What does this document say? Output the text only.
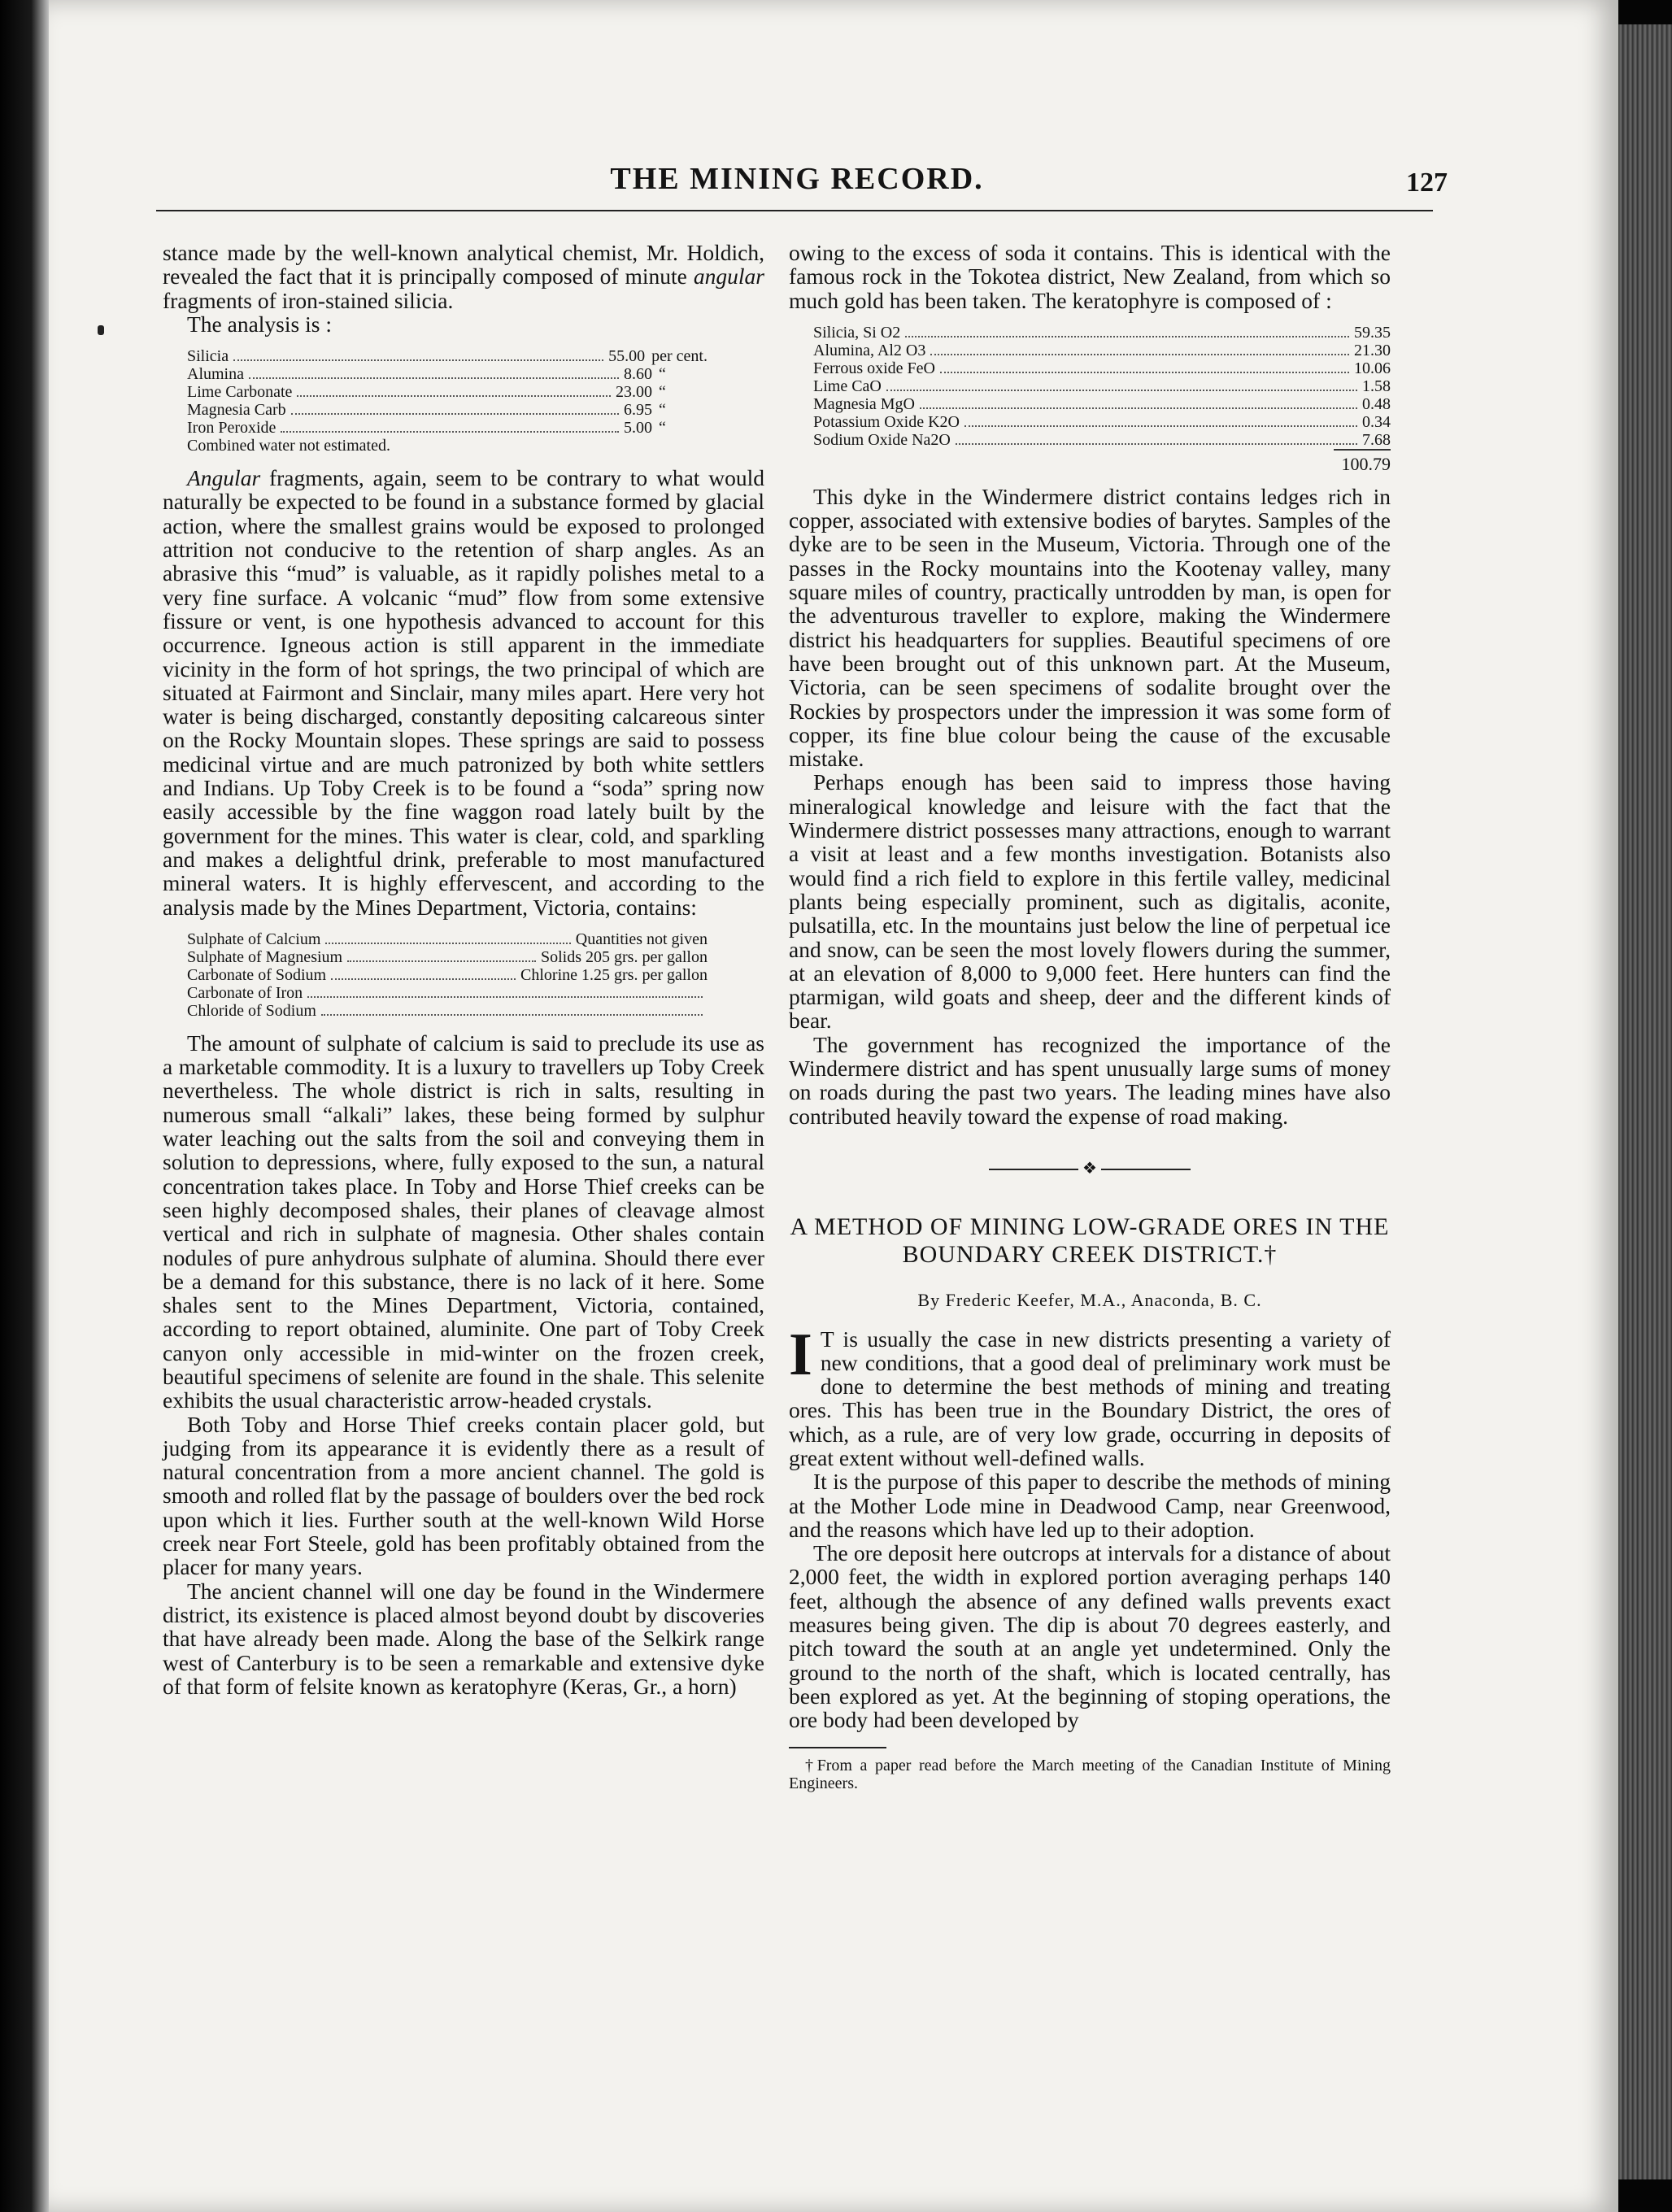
THE MINING RECORD.	127

stance made by the well-known analytical chemist, Mr. Holdich, revealed the fact that it is principally composed of minute angular fragments of iron-stained silicia.

The analysis is :

Silicia	55.00 per cent.
Alumina	8.60 “
Lime Carbonate	23.00 “
Magnesia Carb	6.95 “
Iron Peroxide	5.00 “
Combined water not estimated.

Angular fragments, again, seem to be contrary to what would naturally be expected to be found in a substance formed by glacial action, where the smallest grains would be exposed to prolonged attrition not conducive to the retention of sharp angles. As an abrasive this “mud” is valuable, as it rapidly polishes metal to a very fine surface. A volcanic “mud” flow from some extensive fissure or vent, is one hypothesis advanced to account for this occurrence. Igneous action is still apparent in the immediate vicinity in the form of hot springs, the two principal of which are situated at Fairmont and Sinclair, many miles apart. Here very hot water is being discharged, constantly depositing calcareous sinter on the Rocky Mountain slopes. These springs are said to possess medicinal virtue and are much patronized by both white settlers and Indians. Up Toby Creek is to be found a “soda” spring now easily accessible by the fine waggon road lately built by the government for the mines. This water is clear, cold, and sparkling and makes a delightful drink, preferable to most manufactured mineral waters. It is highly effervescent, and according to the analysis made by the Mines Department, Victoria, contains:

Sulphate of Calcium	Quantities not given
Sulphate of Magnesium	Solids 205 grs. per gallon
Carbonate of Sodium	Chlorine 1.25 grs. per gallon
Carbonate of Iron
Chloride of Sodium

The amount of sulphate of calcium is said to preclude its use as a marketable commodity. It is a luxury to travellers up Toby Creek nevertheless. The whole district is rich in salts, resulting in numerous small “alkali” lakes, these being formed by sulphur water leaching out the salts from the soil and conveying them in solution to depressions, where, fully exposed to the sun, a natural concentration takes place. In Toby and Horse Thief creeks can be seen highly decomposed shales, their planes of cleavage almost vertical and rich in sulphate of magnesia. Other shales contain nodules of pure anhydrous sulphate of alumina. Should there ever be a demand for this substance, there is no lack of it here. Some shales sent to the Mines Department, Victoria, contained, according to report obtained, aluminite. One part of Toby Creek canyon only accessible in mid-winter on the frozen creek, beautiful specimens of selenite are found in the shale. This selenite exhibits the usual characteristic arrow-headed crystals.

Both Toby and Horse Thief creeks contain placer gold, but judging from its appearance it is evidently there as a result of natural concentration from a more ancient channel. The gold is smooth and rolled flat by the passage of boulders over the bed rock upon which it lies. Further south at the well-known Wild Horse creek near Fort Steele, gold has been profitably obtained from the placer for many years.

The ancient channel will one day be found in the Windermere district, its existence is placed almost beyond doubt by discoveries that have already been made. Along the base of the Selkirk range west of Canterbury is to be seen a remarkable and extensive dyke of that form of felsite known as keratophyre (Keras, Gr., a horn)

owing to the excess of soda it contains. This is identical with the famous rock in the Tokotea district, New Zealand, from which so much gold has been taken. The keratophyre is composed of :

Silicia, Si O2	59.35
Alumina, Al2 O3	21.30
Ferrous oxide FeO	10.06
Lime CaO	1.58
Magnesia MgO	0.48
Potassium Oxide K2O	0.34
Sodium Oxide Na2O	7.68
100.79

This dyke in the Windermere district contains ledges rich in copper, associated with extensive bodies of barytes. Samples of the dyke are to be seen in the Museum, Victoria. Through one of the passes in the Rocky mountains into the Kootenay valley, many square miles of country, practically untrodden by man, is open for the adventurous traveller to explore, making the Windermere district his headquarters for supplies. Beautiful specimens of ore have been brought out of this unknown part. At the Museum, Victoria, can be seen specimens of sodalite brought over the Rockies by prospectors under the impression it was some form of copper, its fine blue colour being the cause of the excusable mistake.

Perhaps enough has been said to impress those having mineralogical knowledge and leisure with the fact that the Windermere district possesses many attractions, enough to warrant a visit at least and a few months investigation. Botanists also would find a rich field to explore in this fertile valley, medicinal plants being especially prominent, such as digitalis, aconite, pulsatilla, etc. In the mountains just below the line of perpetual ice and snow, can be seen the most lovely flowers during the summer, at an elevation of 8,000 to 9,000 feet. Here hunters can find the ptarmigan, wild goats and sheep, deer and the different kinds of bear.

The government has recognized the importance of the Windermere district and has spent unusually large sums of money on roads during the past two years. The leading mines have also contributed heavily toward the expense of road making.

❖
A METHOD OF MINING LOW-GRADE ORES IN THE BOUNDARY CREEK DISTRICT.†
By Frederic Keefer, M.A., Anaconda, B. C.

I T is usually the case in new districts presenting a variety of new conditions, that a good deal of preliminary work must be done to determine the best methods of mining and treating ores. This has been true in the Boundary District, the ores of which, as a rule, are of very low grade, occurring in deposits of great extent without well-defined walls.

It is the purpose of this paper to describe the methods of mining at the Mother Lode mine in Deadwood Camp, near Greenwood, and the reasons which have led up to their adoption.

The ore deposit here outcrops at intervals for a distance of about 2,000 feet, the width in explored portion averaging perhaps 140 feet, although the absence of any defined walls prevents exact measures being given. The dip is about 70 degrees easterly, and pitch toward the south at an angle yet undetermined. Only the ground to the north of the shaft, which is located centrally, has been explored as yet. At the beginning of stoping operations, the ore body had been developed by

†From a paper read before the March meeting of the Canadian Institute of Mining Engineers.
